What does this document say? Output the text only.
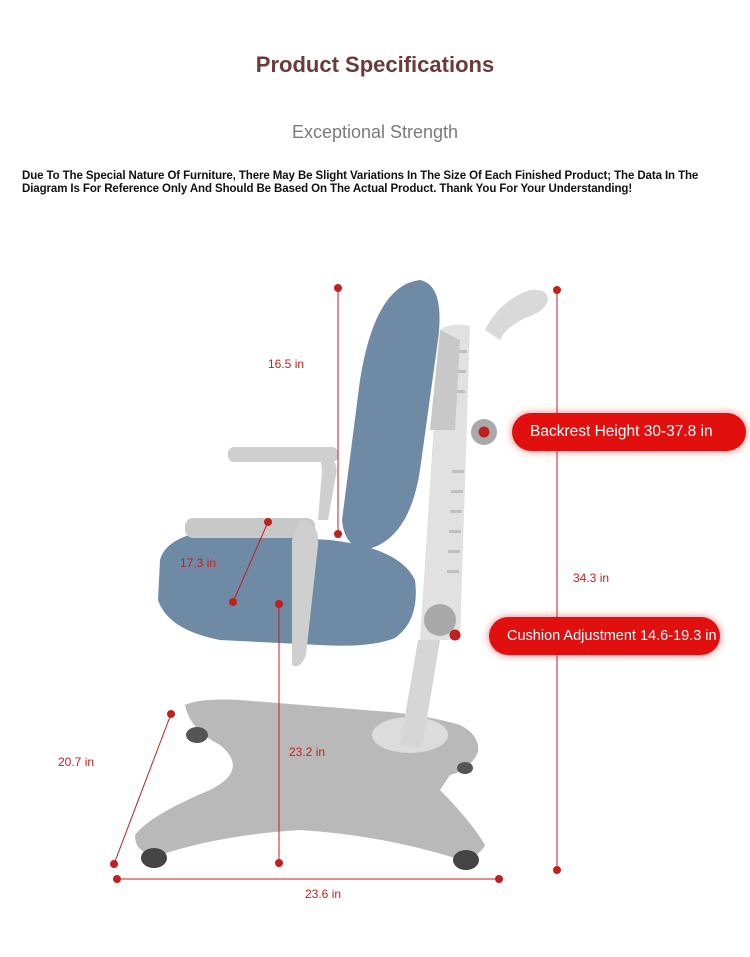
Product Specifications
Exceptional Strength
Due To The Special Nature Of Furniture, There May Be Slight Variations In The Size Of Each Finished Product; The Data In The Diagram Is For Reference Only And Should Be Based On The Actual Product. Thank You For Your Understanding!
16.5 in
17.3 in
20.7 in
23.2 in
34.3 in
23.6 in
Backrest Height 30-37.8 in
Cushion Adjustment 14.6-19.3 in
